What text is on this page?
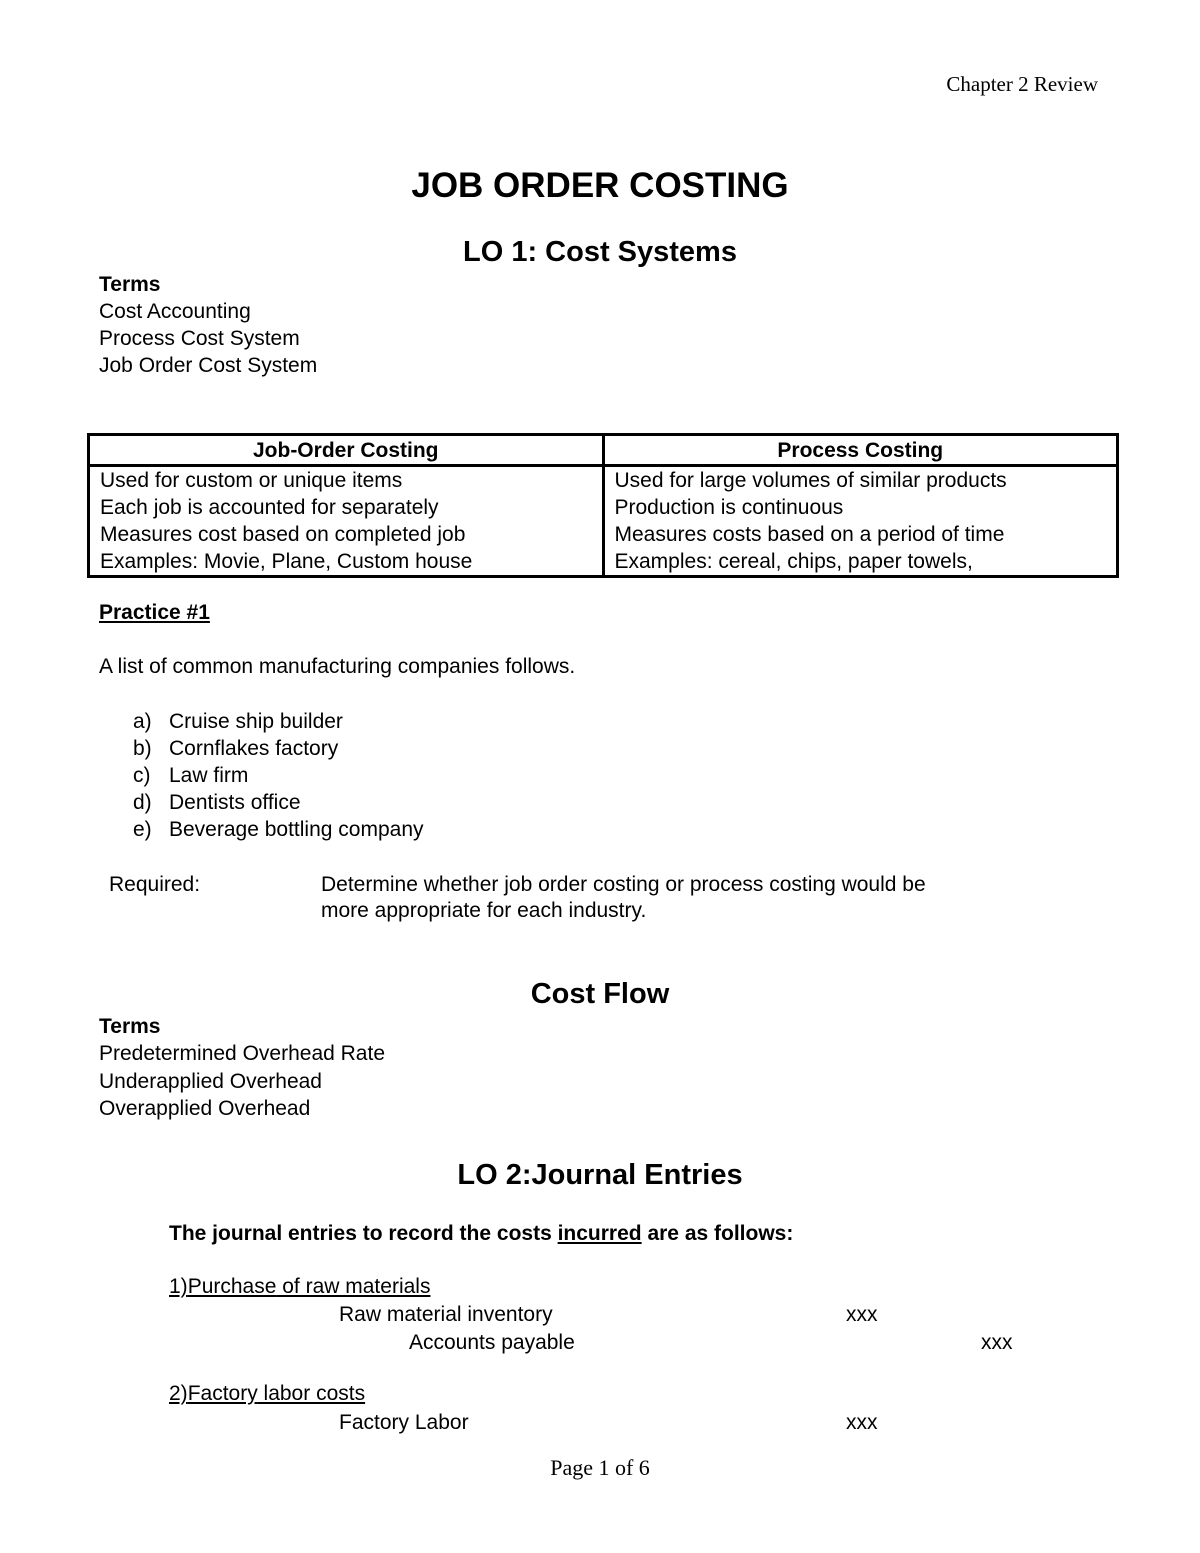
Chapter 2 Review
JOB ORDER COSTING
LO 1: Cost Systems
Terms
Cost Accounting
Process Cost System
Job Order Cost System
Job-Order Costing	Process Costing
Used for custom or unique items	Used for large volumes of similar products
Each job is accounted for separately	Production is continuous
Measures cost based on completed job	Measures costs based on a period of time
Examples: Movie, Plane, Custom house	Examples: cereal, chips, paper towels,
Practice #1
A list of common manufacturing companies follows.
a) Cruise ship builder
b) Cornflakes factory
c) Law firm
d) Dentists office
e) Beverage bottling company
Required:	Determine whether job order costing or process costing would be
more appropriate for each industry.
Cost Flow
Terms
Predetermined Overhead Rate
Underapplied Overhead
Overapplied Overhead
LO 2:Journal Entries
The journal entries to record the costs incurred are as follows:
1)Purchase of raw materials
Raw material inventory	xxx
Accounts payable	xxx
2)Factory labor costs
Factory Labor	xxx
Page 1 of 6
